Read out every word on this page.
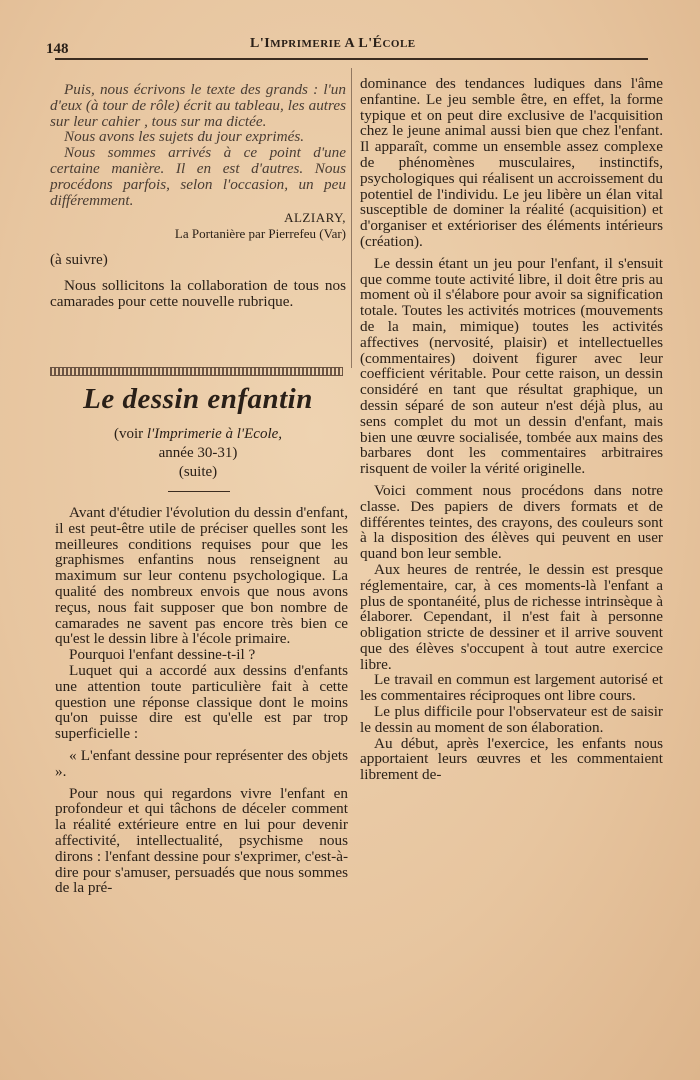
148	L'IMPRIMERIE A L'ÉCOLE

Puis, nous écrivons le texte des grands : l'un d'eux (à tour de rôle) écrit au tableau, les autres sur leur cahier , tous sur ma dictée.

Nous avons les sujets du jour exprimés.

Nous sommes arrivés à ce point d'une certaine manière. Il en est d'autres. Nous procédons parfois, selon l'occasion, un peu différemment.

ALZIARY,
La Portanière par Pierrefeu (Var)

(à suivre)

Nous sollicitons la collaboration de tous nos camarades pour cette nouvelle rubrique.

Le dessin enfantin
(voir l'Imprimerie à l'Ecole,
année 30-31)
(suite)

Avant d'étudier l'évolution du dessin d'enfant, il est peut-être utile de préciser quelles sont les meilleures conditions requises pour que les graphismes enfantins nous renseignent au maximum sur leur contenu psychologique. La qualité des nombreux envois que nous avons reçus, nous fait supposer que bon nombre de camarades ne savent pas encore très bien ce qu'est le dessin libre à l'école primaire.

Pourquoi l'enfant dessine-t-il ?

Luquet qui a accordé aux dessins d'enfants une attention toute particulière fait à cette question une réponse classique dont le moins qu'on puisse dire est qu'elle est par trop superficielle :

« L'enfant dessine pour représenter des objets ».

Pour nous qui regardons vivre l'enfant en profondeur et qui tâchons de déceler comment la réalité extérieure entre en lui pour devenir affectivité, intellectualité, psychisme nous dirons : l'enfant dessine pour s'exprimer, c'est-à-dire pour s'amuser, persuadés que nous sommes de la pré-

dominance des tendances ludiques dans l'âme enfantine. Le jeu semble être, en effet, la forme typique et on peut dire exclusive de l'acquisition chez le jeune animal aussi bien que chez l'enfant. Il apparaît, comme un ensemble assez complexe de phénomènes musculaires, instinctifs, psychologiques qui réalisent un accroissement du potentiel de l'individu. Le jeu libère un élan vital susceptible de dominer la réalité (acquisition) et d'organiser et extérioriser des éléments intérieurs (création).

Le dessin étant un jeu pour l'enfant, il s'ensuit que comme toute activité libre, il doit être pris au moment où il s'élabore pour avoir sa signification totale. Toutes les activités motrices (mouvements de la main, mimique) toutes les activités affectives (nervosité, plaisir) et intellectuelles (commentaires) doivent figurer avec leur coefficient véritable. Pour cette raison, un dessin considéré en tant que résultat graphique, un dessin séparé de son auteur n'est déjà plus, au sens complet du mot un dessin d'enfant, mais bien une œuvre socialisée, tombée aux mains des barbares dont les commentaires arbitraires risquent de voiler la vérité originelle.

Voici comment nous procédons dans notre classe. Des papiers de divers formats et de différentes teintes, des crayons, des couleurs sont à la disposition des élèves qui peuvent en user quand bon leur semble.

Aux heures de rentrée, le dessin est presque réglementaire, car, à ces moments-là l'enfant a plus de spontanéité, plus de richesse intrinsèque à élaborer. Cependant, il n'est fait à personne obligation stricte de dessiner et il arrive souvent que des élèves s'occupent à tout autre exercice libre.

Le travail en commun est largement autorisé et les commentaires réciproques ont libre cours.

Le plus difficile pour l'observateur est de saisir le dessin au moment de son élaboration.

Au début, après l'exercice, les enfants nous apportaient leurs œuvres et les commentaient librement de-
